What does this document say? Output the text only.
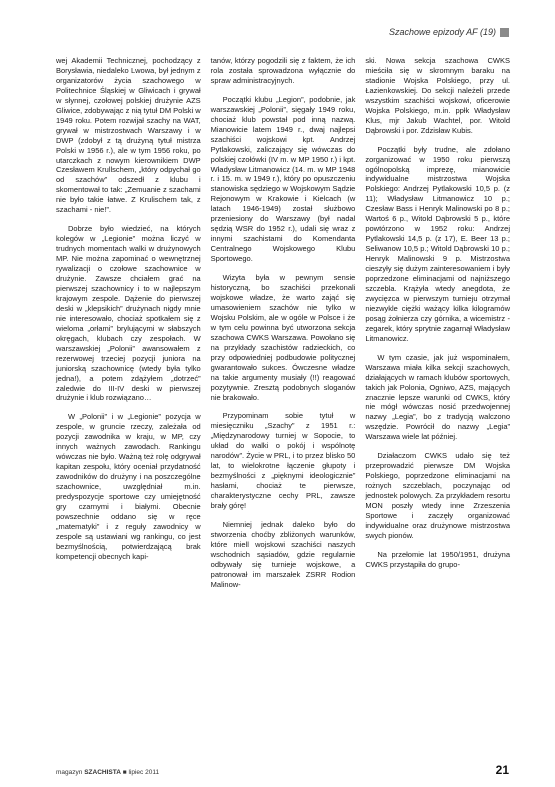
Szachowe epizody AF (19)

wej Akademii Technicznej, pochodzący z Borysławia, niedaleko Lwowa, był jednym z organizatorów życia szachowego w Politechnice Śląskiej w Gliwicach i grywał w słynnej, czołowej polskiej drużynie AZS Gliwice, zdobywając z nią tytuł DM Polski w 1949 roku. Potem rozwijał szachy na WAT, grywał w mistrzostwach Warszawy i w DWP (zdobył z tą drużyną tytuł mistrza Polski w 1956 r.), ale w tym 1956 roku, po utarczkach z nowym kierownikiem DWP Czesławem Krullschem, „który odpychał go od szachów” odszedł z klubu i skomentował to tak: „Zemuanie z szachami nie było takie łatwe. Z Krulischem tak, z szachami - nie!”.

Dobrze było wiedzieć, na których kolegów w „Legionie” można liczyć w trudnych momentach walki w drużynowych MP. Nie można zapominać o wewnętrznej rywalizacji o czołowe szachownice w drużynie. Zawsze chciałem grać na pierwszej szachownicy i to w najlepszym krajowym zespole. Dążenie do pierwszej deski w „klepsikich” drużynach nigdy mnie nie interesowało, chociaż spotkałem się z wieloma „orłami” brylującymi w słabszych okręgach, klubach czy zespołach. W warszawskiej „Polonii” awansowałem z rezerwowej trzeciej pozycji juniora na juniorską szachownicę (wtedy była tylko jedna!), a potem zdążyłem „dotrzeć” zaledwie do III-IV deski w pierwszej drużynie i klub rozwiązano…

W „Polonii” i w „Legionie” pozycja w zespole, w gruncie rzeczy, zależała od pozycji zawodnika w kraju, w MP, czy innych ważnych zawodach. Rankingu wówczas nie było. Ważną też rolę odgrywał kapitan zespołu, który oceniał przydatność zawodników do drużyny i na poszczególne szachownice, uwzględniał m.in. predyspozycje sportowe czy umiejętność gry czarnymi i białymi. Obecnie powszechnie oddano się w ręce „matematyki” i z reguły zawodnicy w zespole są ustawiani wg rankingu, co jest bezmyślnością, potwierdzającą brak kompetencji obecnych kapi-

tanów, którzy pogodzili się z faktem, że ich rola została sprowadzona wyłącznie do spraw administracyjnych.

Początki klubu „Legion”, podobnie, jak warszawskiej „Polonii”, sięgały 1949 roku, chociaż klub powstał pod inną nazwą. Mianowicie latem 1949 r., dwaj najlepsi szachiści wojskowi kpt. Andrzej Pytlakowski, zaliczający się wówczas do polskiej czołówki (IV m. w MP 1950 r.) i kpt. Władysław Litmanowicz (14. m. w MP 1948 r. i 15. m. w 1949 r.), który po opuszczeniu stanowiska sędziego w Wojskowym Sądzie Rejonowym w Krakowie i Kielcach (w latach 1946-1949) został służbowo przeniesiony do Warszawy (był nadal sędzią WSR do 1952 r.), udali się wraz z innymi szachistami do Komendanta Centralnego Wojskowego Klubu Sportowego.

Wizyta była w pewnym sensie historyczną, bo szachiści przekonali wojskowe władze, że warto zająć się umasowieniem szachów nie tylko w Wojsku Polskim, ale w ogóle w Polsce i że w tym celu powinna być utworzona sekcja szachowa CWKS Warszawa. Powołano się na przykłady szachistów radzieckich, co przy odpowiedniej podbudowie politycznej gwarantowało sukces. Ówczesne władze na takie argumenty musiały (!!) reagować pozytywnie. Zresztą podobnych sloganów nie brakowało.

Przypominam sobie tytuł w miesięczniku „Szachy” z 1951 r.: „Międzynarodowy turniej w Sopocie, to układ do walki o pokój i wspólnotę narodów”. Życie w PRL, i to przez blisko 50 lat, to wielokrotne łączenie głupoty i bezmyślności z „pięknymi ideologicznie” hasłami, chociaż te pierwsze, charakterystyczne cechy PRL, zawsze brały górę!

Niemniej jednak daleko było do stworzenia choćby zbliżonych warunków, które miell wojskowi szachiści naszych wschodnich sąsiadów, gdzie regularnie odbywały się turnieje wojskowe, a patronował im marszałek ZSRR Rodion Malinow-

ski. Nowa sekcja szachowa CWKS mieściła się w skromnym baraku na stadionie Wojska Polskiego, przy ul. Łazienkowskiej. Do sekcji należeli przede wszystkim szachiści wojskowi, oficerowie Wojska Polskiego, m.in. ppłk Władysław Klus, mjr Jakub Wachtel, por. Witold Dąbrowski i por. Zdzisław Kubis.

Początki były trudne, ale zdołano zorganizować w 1950 roku pierwszą ogólnopolską imprezę, mianowicie indywidualne mistrzostwa Wojska Polskiego: Andrzej Pytlakowski 10,5 p. (z 11); Władysław Litmanowicz 10 p.; Czesław Bass i Henryk Malinowski po 8 p.; Wartoś 6 p., Witold Dąbrowski 5 p., które powtórzono w 1952 roku: Andrzej Pytlakowski 14,5 p. (z 17), E. Beer 13 p.; Seliwanow 10,5 p.; Witold Dąbrowski 10 p.; Henryk Malinowski 9 p. Mistrzostwa cieszyły się dużym zainteresowaniem i były poprzedzone eliminacjami od najniższego szczebla. Krążyła wtedy anegdota, że zwycięzca w pierwszym turnieju otrzymał niezwykle ciężki ważący kilka kilogramów posąg żołnierza czy górnika, a wicemistrz - zegarek, który sprytnie zagarnął Władysław Litmanowicz.

W tym czasie, jak już wspominałem, Warszawa miała kilka sekcji szachowych, działających w ramach klubów sportowych, takich jak Polonia, Ogniwo, AZS, mających znacznie lepsze warunki od CWKS, który nie mógł wówczas nosić przedwojennej nazwy „Legia”, bo z tradycją walczono wszędzie. Powrócił do nazwy „Legia” Warszawa wiele lat później.

Działaczom CWKS udało się też przeprowadzić pierwsze DM Wojska Polskiego, poprzedzone eliminacjami na rożnych szczeblach, poczynając od jednostek polowych. Za przykładem resortu MON poszły wtedy inne Zrzeszenia Sportowe i zaczęły organizować indywidualne oraz drużynowe mistrzostwa swych pionów.

Na przełomie lat 1950/1951, drużyna CWKS przystąpiła do grupo-

magazyn SZACHISTA ■ lipiec 2011	21
